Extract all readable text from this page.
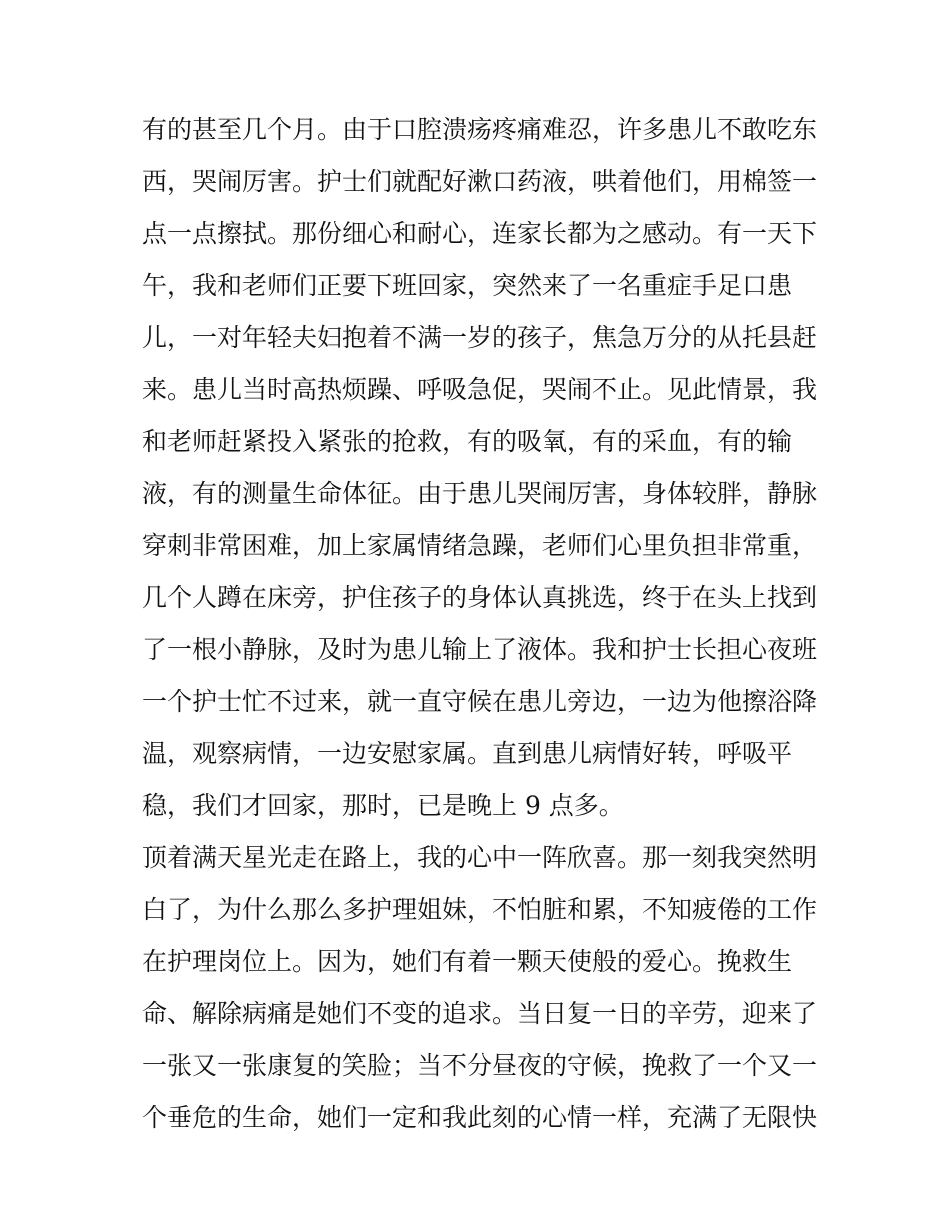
有的甚至几个月。由于口腔溃疡疼痛难忍，许多患儿不敢吃东
西，哭闹厉害。护士们就配好漱口药液，哄着他们，用棉签一
点一点擦拭。那份细心和耐心，连家长都为之感动。有一天下
午，我和老师们正要下班回家，突然来了一名重症手足口患
儿，一对年轻夫妇抱着不满一岁的孩子，焦急万分的从托县赶
来。患儿当时高热烦躁、呼吸急促，哭闹不止。见此情景，我
和老师赶紧投入紧张的抢救，有的吸氧，有的采血，有的输
液，有的测量生命体征。由于患儿哭闹厉害，身体较胖，静脉
穿刺非常困难，加上家属情绪急躁，老师们心里负担非常重，
几个人蹲在床旁，护住孩子的身体认真挑选，终于在头上找到
了一根小静脉，及时为患儿输上了液体。我和护士长担心夜班
一个护士忙不过来，就一直守候在患儿旁边，一边为他擦浴降
温，观察病情，一边安慰家属。直到患儿病情好转，呼吸平
稳，我们才回家，那时，已是晚上 9 点多。
顶着满天星光走在路上，我的心中一阵欣喜。那一刻我突然明
白了，为什么那么多护理姐妹，不怕脏和累，不知疲倦的工作
在护理岗位上。因为，她们有着一颗天使般的爱心。挽救生
命、解除病痛是她们不变的追求。当日复一日的辛劳，迎来了
一张又一张康复的笑脸；当不分昼夜的守候，挽救了一个又一
个垂危的生命，她们一定和我此刻的心情一样，充满了无限快
